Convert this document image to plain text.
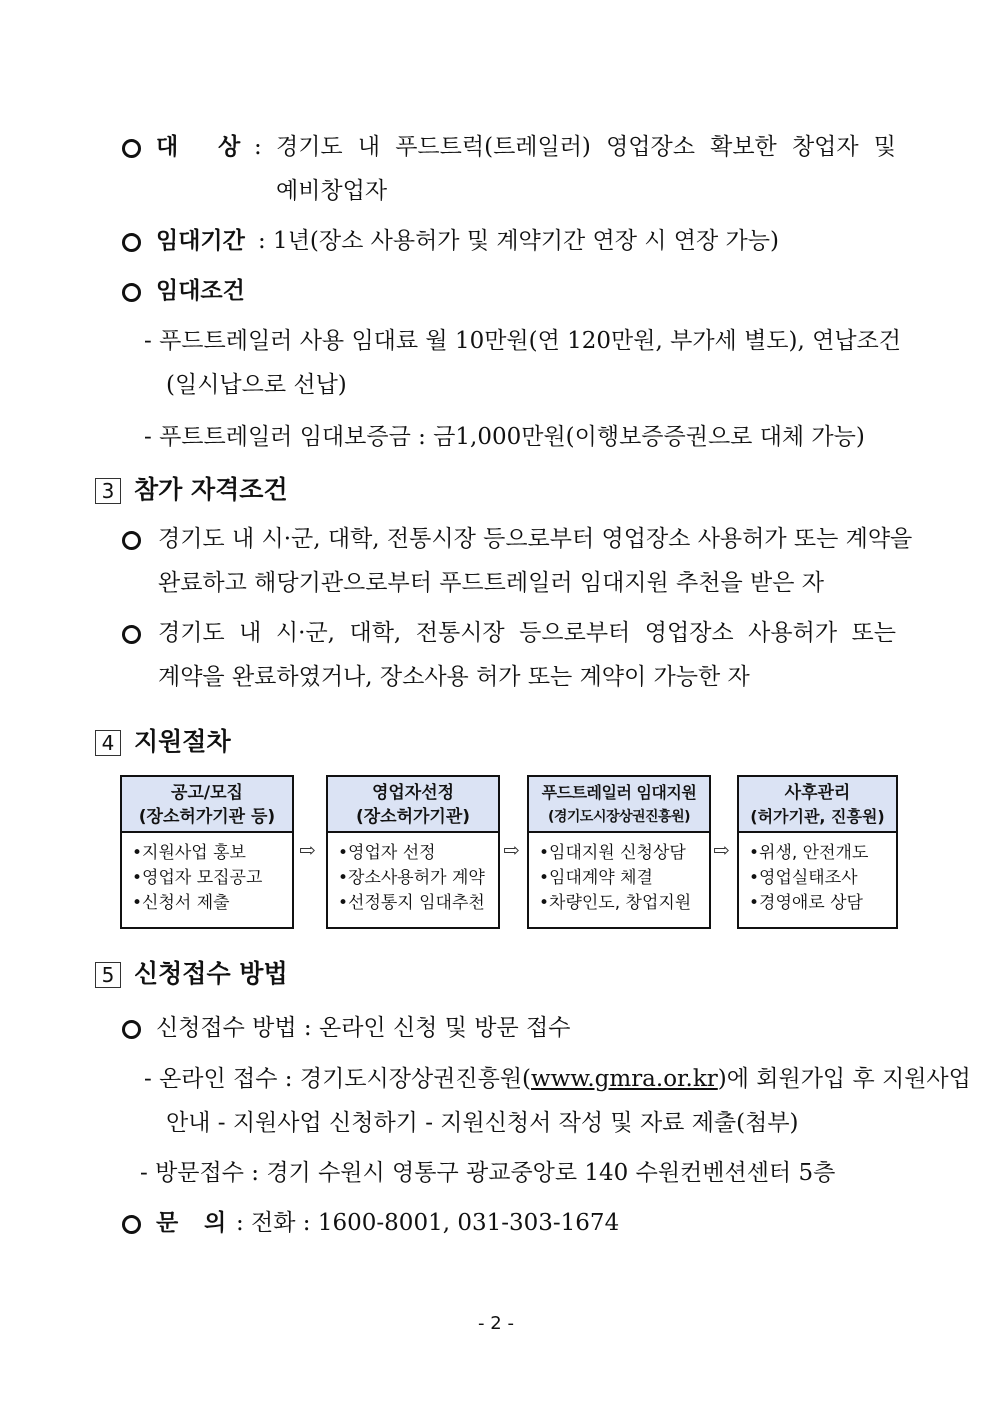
대 상 : 경기도 내 푸드트럭(트레일러) 영업장소 확보한 창업자 및
예비창업자
임대기간 : 1년(장소 사용허가 및 계약기간 연장 시 연장 가능)
임대조건
- 푸드트레일러 사용 임대료 월 10만원(연 120만원, 부가세 별도), 연납조건
(일시납으로 선납)
- 푸트트레일러 임대보증금 : 금1,000만원(이행보증증권으로 대체 가능)
3 참가 자격조건
경기도 내 시·군, 대학, 전통시장 등으로부터 영업장소 사용허가 또는 계약을
완료하고 해당기관으로부터 푸드트레일러 임대지원 추천을 받은 자
경기도 내 시·군, 대학, 전통시장 등으로부터 영업장소 사용허가 또는
계약을 완료하였거나, 장소사용 허가 또는 계약이 가능한 자
4 지원절차
공고/모집
(장소허가기관 등)
•지원사업 홍보
•영업자 모집공고
•신청서 제출
⇨
영업자선정
(장소허가기관)
•영업자 선정
•장소사용허가 계약
•선정통지 임대추천
⇨
푸드트레일러 임대지원
(경기도시장상권진흥원)
•임대지원 신청상담
•임대계약 체결
•차량인도, 창업지원
⇨
사후관리
(허가기관, 진흥원)
•위생, 안전개도
•영업실태조사
•경영애로 상담
5 신청접수 방법
신청접수 방법 : 온라인 신청 및 방문 접수
- 온라인 접수 : 경기도시장상권진흥원(www.gmra.or.kr)에 회원가입 후 지원사업
안내 - 지원사업 신청하기 - 지원신청서 작성 및 자료 제출(첨부)
- 방문접수 : 경기 수원시 영통구 광교중앙로 140 수원컨벤션센터 5층
문 의 : 전화 : 1600-8001, 031-303-1674
- 2 -
